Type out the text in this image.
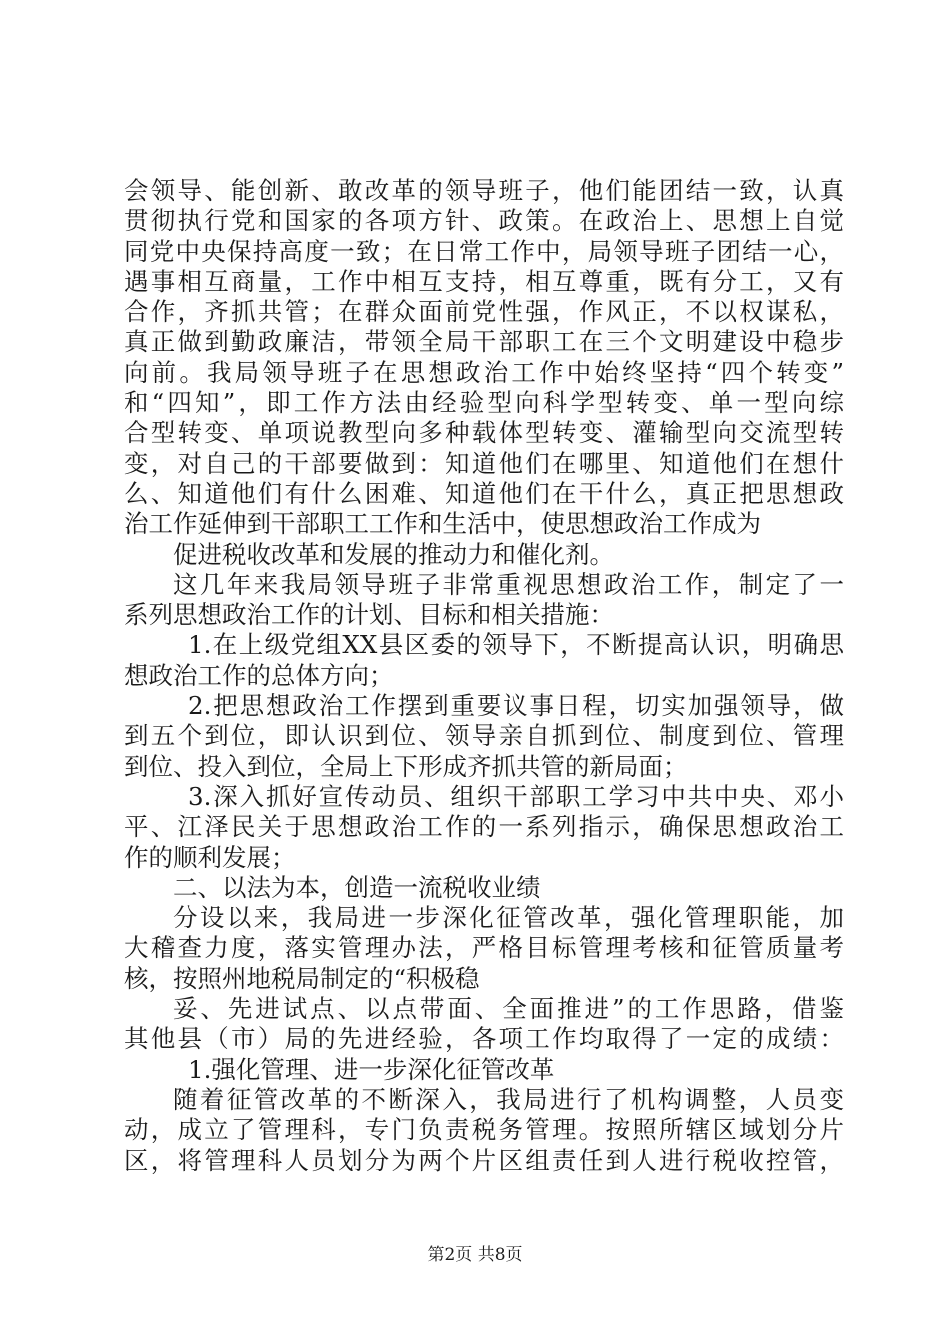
会领导、能创新、敢改革的领导班子，他们能团结一致，认真
贯彻执行党和国家的各项方针、政策。在政治上、思想上自觉
同党中央保持高度一致；在日常工作中，局领导班子团结一心，
遇事相互商量，工作中相互支持，相互尊重，既有分工，又有
合作，齐抓共管；在群众面前党性强，作风正，不以权谋私，
真正做到勤政廉洁，带领全局干部职工在三个文明建设中稳步
向前。我局领导班子在思想政治工作中始终坚持“四个转变”
和“四知”，即工作方法由经验型向科学型转变、单一型向综
合型转变、单项说教型向多种载体型转变、灌输型向交流型转
变，对自己的干部要做到：知道他们在哪里、知道他们在想什
么、知道他们有什么困难、知道他们在干什么，真正把思想政
治工作延伸到干部职工工作和生活中，使思想政治工作成为
促进税收改革和发展的推动力和催化剂。
这几年来我局领导班子非常重视思想政治工作，制定了一
系列思想政治工作的计划、目标和相关措施：
1.在上级党组XX县区委的领导下，不断提高认识，明确思
想政治工作的总体方向；
2.把思想政治工作摆到重要议事日程，切实加强领导，做
到五个到位，即认识到位、领导亲自抓到位、制度到位、管理
到位、投入到位，全局上下形成齐抓共管的新局面；
3.深入抓好宣传动员、组织干部职工学习中共中央、邓小
平、江泽民关于思想政治工作的一系列指示，确保思想政治工
作的顺利发展；
二、以法为本，创造一流税收业绩
分设以来，我局进一步深化征管改革，强化管理职能，加
大稽查力度，落实管理办法，严格目标管理考核和征管质量考
核，按照州地税局制定的“积极稳
妥、先进试点、以点带面、全面推进”的工作思路，借鉴
其他县（市）局的先进经验，各项工作均取得了一定的成绩：
1.强化管理、进一步深化征管改革
随着征管改革的不断深入，我局进行了机构调整，人员变
动，成立了管理科，专门负责税务管理。按照所辖区域划分片
区，将管理科人员划分为两个片区组责任到人进行税收控管，
第2页 共8页
